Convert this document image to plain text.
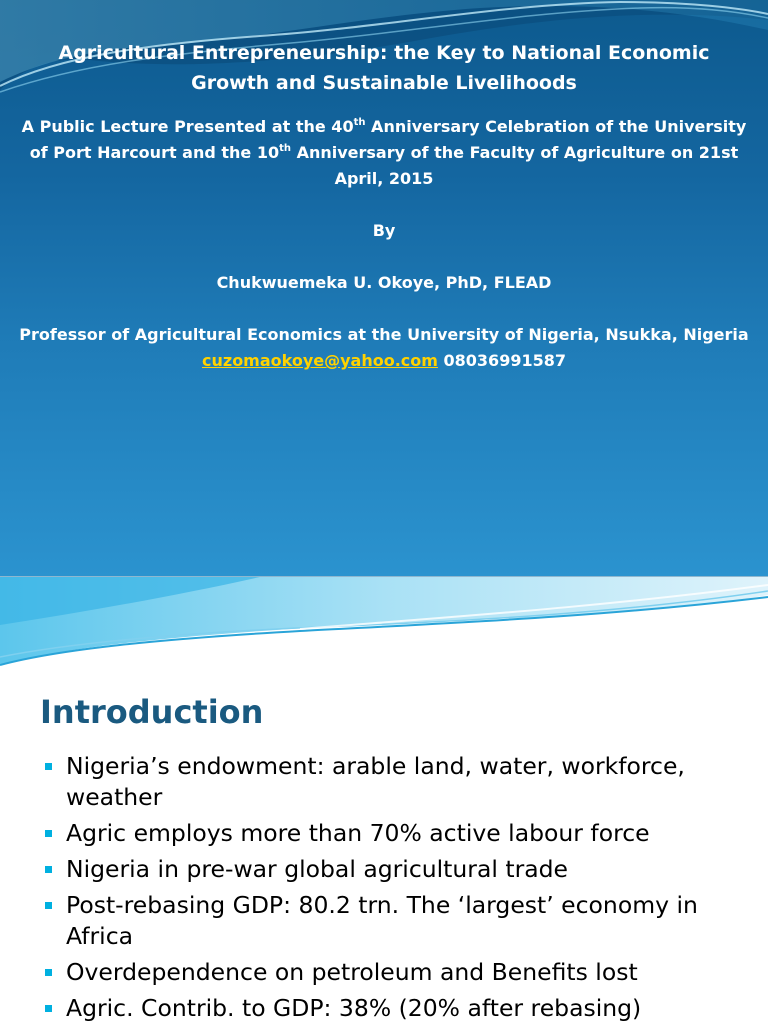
Agricultural Entrepreneurship: the Key to National Economic

Growth and Sustainable Livelihoods

A Public Lecture Presented at the 40th Anniversary Celebration of the University

of Port Harcourt and the 10th Anniversary of the Faculty of Agriculture on 21st

April, 2015

By

Chukwuemeka U. Okoye, PhD, FLEAD

Professor of Agricultural Economics at the University of Nigeria, Nsukka, Nigeria

cuzomaokoye@yahoo.com 08036991587

Introduction
Nigeria’s endowment: arable land, water, workforce, weather
Agric employs more than 70% active labour force
Nigeria in pre-war global agricultural trade
Post-rebasing GDP: 80.2 trn. The ‘largest’ economy in Africa
Overdependence on petroleum and Benefits lost
Agric. Contrib. to GDP: 38% (20% after rebasing)
